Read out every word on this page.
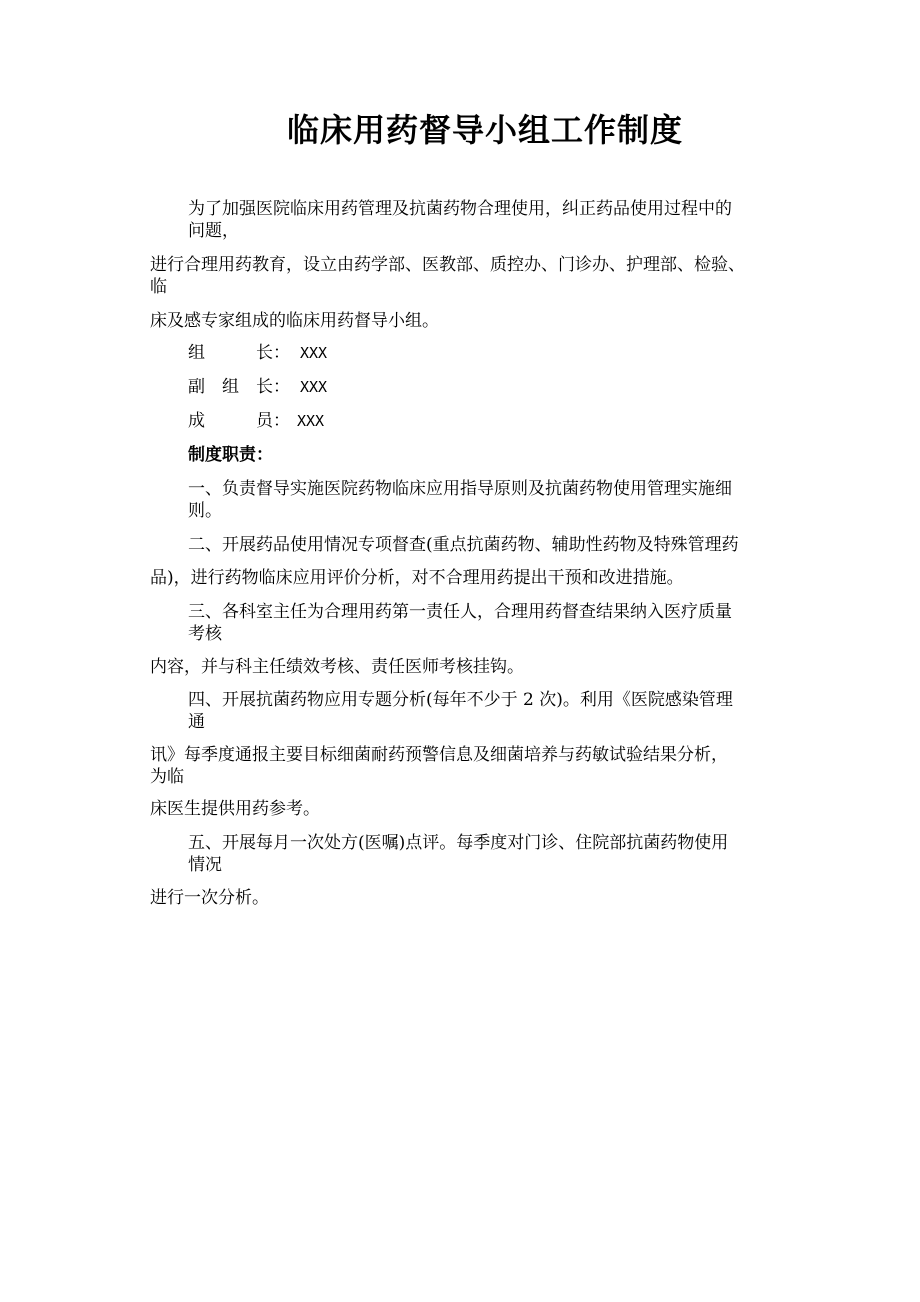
临床用药督导小组工作制度
为了加强医院临床用药管理及抗菌药物合理使用，纠正药品使用过程中的
问题，
进行合理用药教育，设立由药学部、医教部、质控办、门诊办、护理部、检验、
临
床及感专家组成的临床用药督导小组。
组　　　长：XXX
副　组　长：XXX
成　　　员： XXX
制度职责：
一、负责督导实施医院药物临床应用指导原则及抗菌药物使用管理实施细
则。
二、开展药品使用情况专项督查(重点抗菌药物、辅助性药物及特殊管理药
品)，进行药物临床应用评价分析，对不合理用药提出干预和改进措施。
三、各科室主任为合理用药第一责任人，合理用药督查结果纳入医疗质量
考核
内容，并与科主任绩效考核、责任医师考核挂钩。
四、开展抗菌药物应用专题分析(每年不少于 2 次)。利用《医院感染管理
通
讯》每季度通报主要目标细菌耐药预警信息及细菌培养与药敏试验结果分析，
为临
床医生提供用药参考。
五、开展每月一次处方(医嘱)点评。每季度对门诊、住院部抗菌药物使用
情况
进行一次分析。
